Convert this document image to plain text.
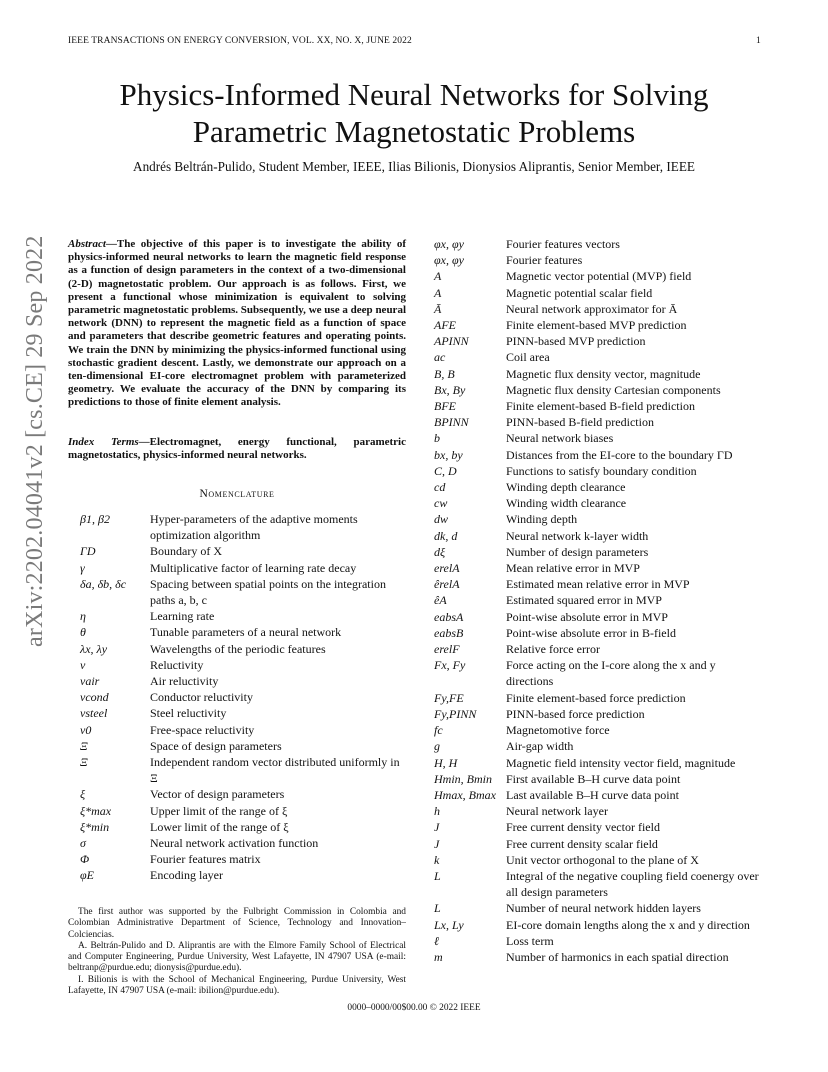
IEEE TRANSACTIONS ON ENERGY CONVERSION, VOL. XX, NO. X, JUNE 2022	1
Physics-Informed Neural Networks for Solving
Parametric Magnetostatic Problems
Andrés Beltrán-Pulido, Student Member, IEEE, Ilias Bilionis, Dionysios Aliprantis, Senior Member, IEEE
arXiv:2202.04041v2 [cs.CE] 29 Sep 2022 Abstract—The objective of this paper is to investigate the ability of physics-informed neural networks to learn the magnetic field response as a function of design parameters in the context of a two-dimensional (2-D) magnetostatic problem. Our approach is as follows. First, we present a functional whose minimization is equivalent to solving parametric magnetostatic problems. Subsequently, we use a deep neural network (DNN) to represent the magnetic field as a function of space and parameters that describe geometric features and operating points. We train the DNN by minimizing the physics-informed functional using stochastic gradient descent. Lastly, we demonstrate our approach on a ten-dimensional EI-core electromagnet problem with parameterized geometry. We evaluate the accuracy of the DNN by comparing its predictions to those of finite element analysis.
Index Terms—Electromagnet, energy functional, parametric magnetostatics, physics-informed neural networks.
Nomenclature
β1, β2	Hyper-parameters of the adaptive moments optimization algorithm
ΓD	Boundary of X
γ	Multiplicative factor of learning rate decay
δa, δb, δc	Spacing between spatial points on the integration paths a, b, c
η	Learning rate
θ	Tunable parameters of a neural network
λx, λy	Wavelengths of the periodic features
ν	Reluctivity
νair	Air reluctivity
νcond	Conductor reluctivity
νsteel	Steel reluctivity
ν0	Free-space reluctivity
Ξ	Space of design parameters
Ξ	Independent random vector distributed uniformly in Ξ
ξ	Vector of design parameters
ξ*max	Upper limit of the range of ξ
ξ*min	Lower limit of the range of ξ
σ	Neural network activation function
Φ	Fourier features matrix
φE	Encoding layer
φx, φy	Fourier features vectors
φx, φy	Fourier features
A	Magnetic vector potential (MVP) field
A	Magnetic potential scalar field
Ā	Neural network approximator for Ā
AFE	Finite element-based MVP prediction
APINN	PINN-based MVP prediction
ac	Coil area
B, B	Magnetic flux density vector, magnitude
Bx, By	Magnetic flux density Cartesian components
BFE	Finite element-based B-field prediction
BPINN	PINN-based B-field prediction
b	Neural network biases
bx, by	Distances from the EI-core to the boundary ΓD
C, D	Functions to satisfy boundary condition
cd	Winding depth clearance
cw	Winding width clearance
dw	Winding depth
dk, d	Neural network k-layer width
dξ	Number of design parameters
erelA	Mean relative error in MVP
êrelA	Estimated mean relative error in MVP
êA	Estimated squared error in MVP
eabsA	Point-wise absolute error in MVP
eabsB	Point-wise absolute error in B-field
erelF	Relative force error
Fx, Fy	Force acting on the I-core along the x and y directions
Fy,FE	Finite element-based force prediction
Fy,PINN	PINN-based force prediction
fc	Magnetomotive force
g	Air-gap width
H, H	Magnetic field intensity vector field, magnitude
Hmin, Bmin	First available B–H curve data point
Hmax, Bmax Last available B–H curve data point
h	Neural network layer
J	Free current density vector field
J	Free current density scalar field
k	Unit vector orthogonal to the plane of X
L	Integral of the negative coupling field coenergy over all design parameters
L	Number of neural network hidden layers
Lx, Ly	EI-core domain lengths along the x and y direction
ℓ	Loss term
m	Number of harmonics in each spatial direction

The first author was supported by the Fulbright Commission in Colombia and Colombian Administrative Department of Science, Technology and Innovation–Colciencias.

A. Beltrán-Pulido and D. Aliprantis are with the Elmore Family School of Electrical and Computer Engineering, Purdue University, West Lafayette, IN 47907 USA (e-mail: beltranp@purdue.edu; dionysis@purdue.edu).

I. Bilionis is with the School of Mechanical Engineering, Purdue University, West Lafayette, IN 47907 USA (e-mail: ibilion@purdue.edu).

0000–0000/00$00.00 © 2022 IEEE
